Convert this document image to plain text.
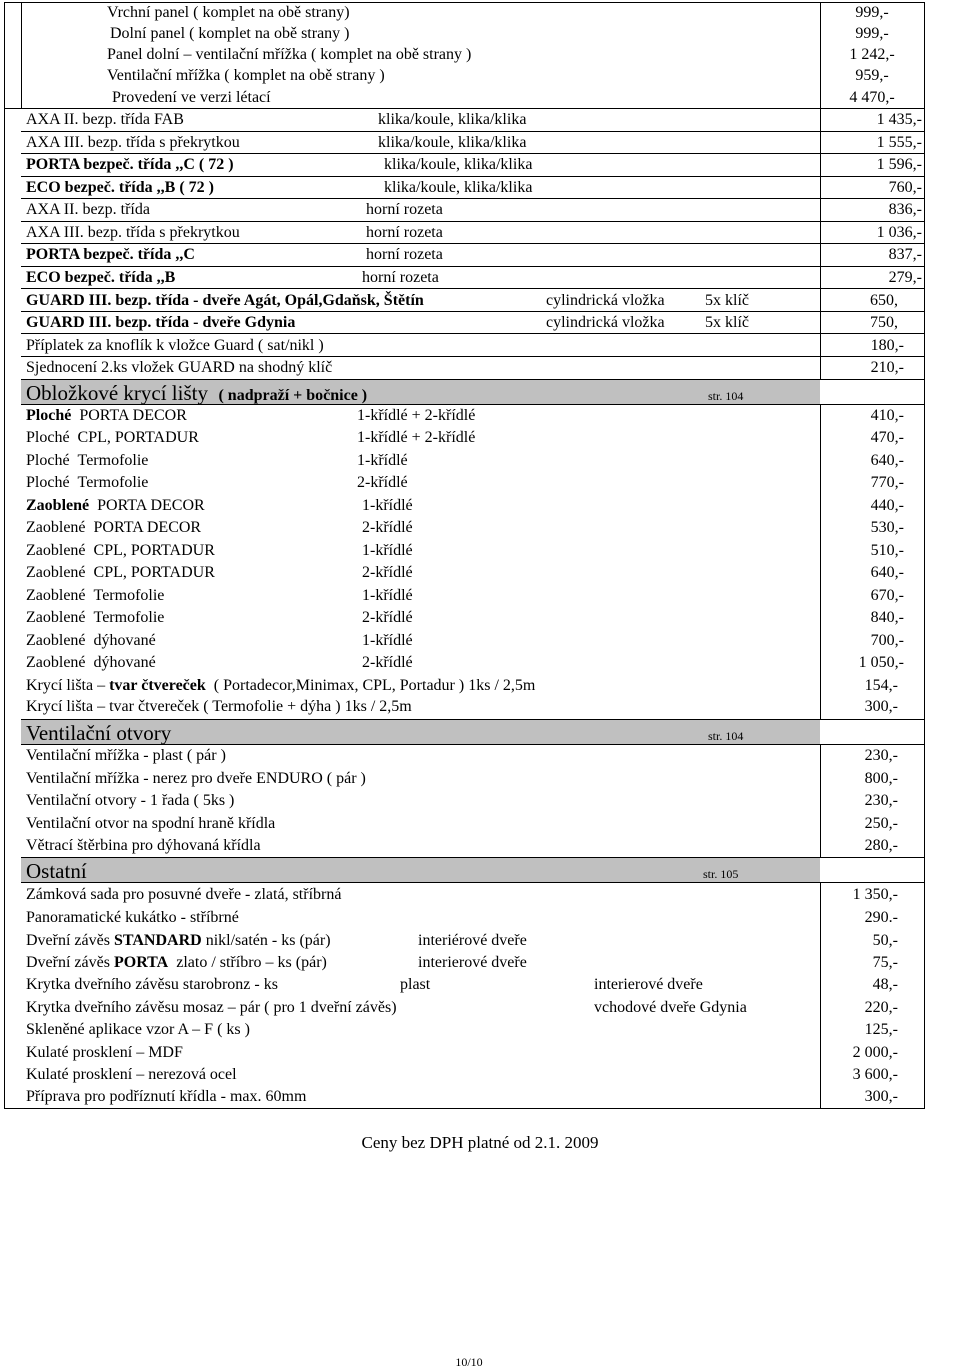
Vrchní panel ( komplet na obě strany)	999,-
Dolní panel ( komplet na obě strany )	999,-
Panel dolní – ventilační mřížka ( komplet na obě strany )	1 242,-
Ventilační mřížka ( komplet na obě strany )	959,-
Provedení ve verzi létací	4 470,-
AXA II. bezp. třída FAB	klika/koule, klika/klika	1 435,-
AXA III. bezp. třída s překrytkou	klika/koule, klika/klika	1 555,-
PORTA bezpeč. třída ,,C ( 72 )	klika/koule, klika/klika	1 596,-
ECO bezpeč. třída ,,B ( 72 )	klika/koule, klika/klika	760,-
AXA II. bezp. třída	horní rozeta	836,-
AXA III. bezp. třída s překrytkou	horní rozeta	1 036,-
PORTA bezpeč. třída ,,C	horní rozeta	837,-
ECO bezpeč. třída ,,B	horní rozeta	279,-
GUARD III. bezp. třída - dveře Agát, Opál,Gdaňsk, Štětín	cylindrická vložka	5x klíč	650,
GUARD III. bezp. třída - dveře Gdynia	cylindrická vložka	5x klíč	750,
Příplatek za knoflík k vložce Guard ( sat/nikl )	180,-
Sjednocení 2.ks vložek GUARD na shodný klíč	210,-
Obložkové krycí lišty ( nadpraží + bočnice )	str. 104
Ploché PORTA DECOR	1-křídlé + 2-křídlé	410,-
Ploché CPL, PORTADUR	1-křídlé + 2-křídlé	470,-
Ploché Termofolie	1-křídlé	640,-
Ploché Termofolie	2-křídlé	770,-
Zaoblené PORTA DECOR	1-křídlé	440,-
Zaoblené PORTA DECOR	2-křídlé	530,-
Zaoblené CPL, PORTADUR	1-křídlé	510,-
Zaoblené CPL, PORTADUR	2-křídlé	640,-
Zaoblené Termofolie	1-křídlé	670,-
Zaoblené Termofolie	2-křídlé	840,-
Zaoblené dýhované	1-křídlé	700,-
Zaoblené dýhované	2-křídlé	1 050,-
Krycí lišta – tvar čtvereček ( Portadecor,Minimax, CPL, Portadur ) 1ks / 2,5m	154,-
Krycí lišta – tvar čtvereček ( Termofolie + dýha ) 1ks / 2,5m	300,-
Ventilační otvory	str. 104
Ventilační mřížka - plast ( pár )	230,-
Ventilační mřížka - nerez pro dveře ENDURO ( pár )	800,-
Ventilační otvory - 1 řada ( 5ks )	230,-
Ventilační otvor na spodní hraně křídla	250,-
Větrací štěrbina pro dýhovaná křídla	280,-
Ostatní	str. 105
Zámková sada pro posuvné dveře - zlatá, stříbrná	1 350,-
Panoramatické kukátko - stříbrné	290.-
Dveřní závěs STANDARD nikl/satén - ks (pár)	interiérové dveře	50,-
Dveřní závěs PORTA zlato / stříbro – ks (pár)	interierové dveře	75,-
Krytka dveřního závěsu starobronz - ks	plast	interierové dveře	48,-
Krytka dveřního závěsu mosaz – pár ( pro 1 dveřní závěs)	vchodové dveře Gdynia	220,-
Skleněné aplikace vzor A – F ( ks )	125,-
Kulaté prosklení – MDF	2 000,-
Kulaté prosklení – nerezová ocel	3 600,-
Příprava pro podříznutí křídla - max. 60mm	300,-
Ceny bez DPH platné od 2.1. 2009
10/10
